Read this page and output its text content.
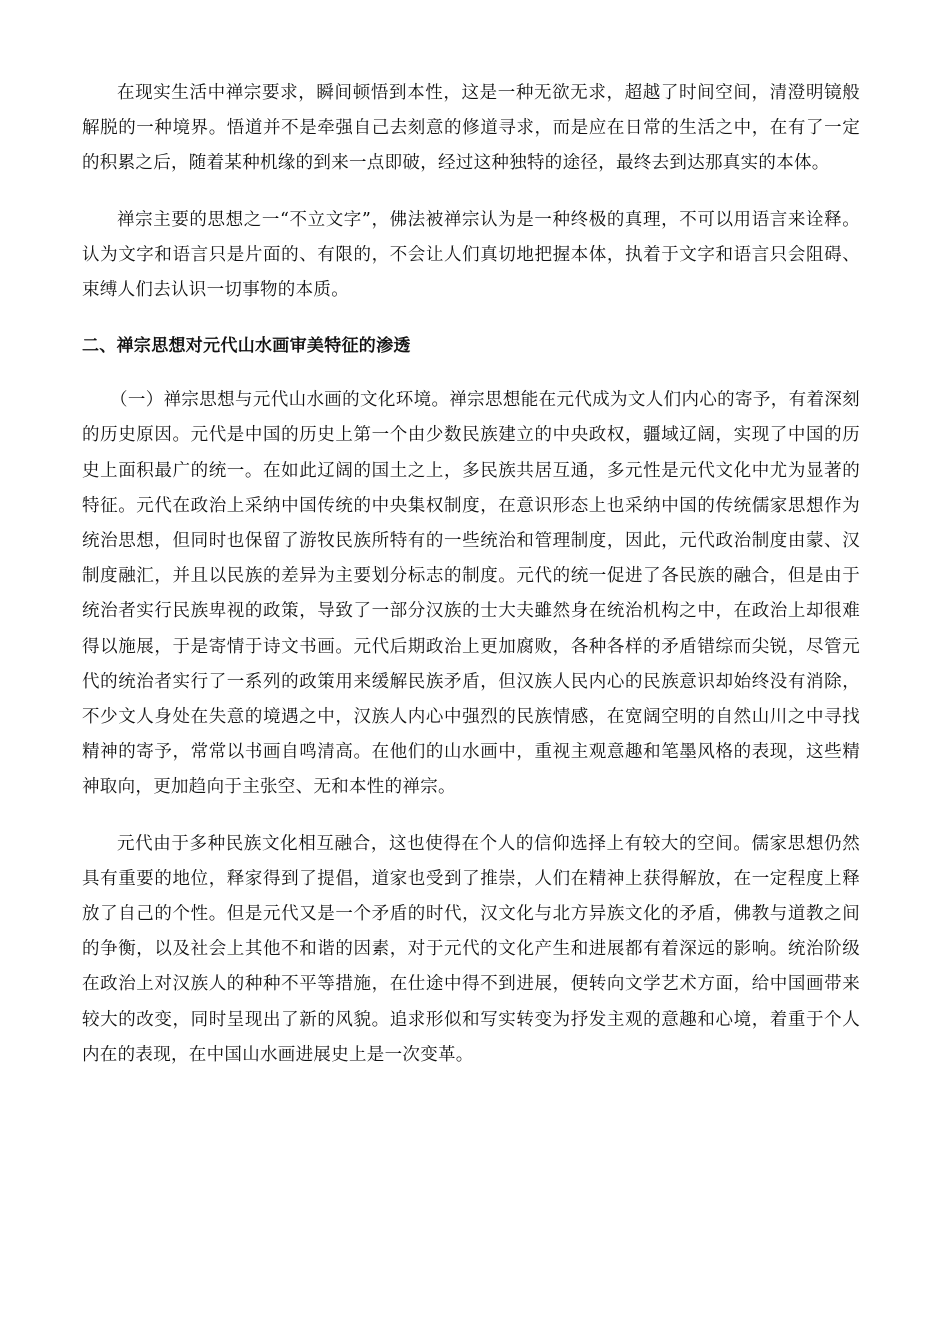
在现实生活中禅宗要求，瞬间顿悟到本性，这是一种无欲无求，超越了时间空间，清澄明镜般解脱的一种境界。悟道并不是牵强自己去刻意的修道寻求，而是应在日常的生活之中，在有了一定的积累之后，随着某种机缘的到来一点即破，经过这种独特的途径，最终去到达那真实的本体。

禅宗主要的思想之一“不立文字”，佛法被禅宗认为是一种终极的真理，不可以用语言来诠释。认为文字和语言只是片面的、有限的，不会让人们真切地把握本体，执着于文字和语言只会阻碍、束缚人们去认识一切事物的本质。

二、禅宗思想对元代山水画审美特征的渗透

（一）禅宗思想与元代山水画的文化环境。禅宗思想能在元代成为文人们内心的寄予，有着深刻的历史原因。元代是中国的历史上第一个由少数民族建立的中央政权，疆域辽阔，实现了中国的历史上面积最广的统一。在如此辽阔的国土之上，多民族共居互通，多元性是元代文化中尤为显著的特征。元代在政治上采纳中国传统的中央集权制度，在意识形态上也采纳中国的传统儒家思想作为统治思想，但同时也保留了游牧民族所特有的一些统治和管理制度，因此，元代政治制度由蒙、汉制度融汇，并且以民族的差异为主要划分标志的制度。元代的统一促进了各民族的融合，但是由于统治者实行民族卑视的政策，导致了一部分汉族的士大夫雖然身在统治机构之中，在政治上却很难得以施展，于是寄情于诗文书画。元代后期政治上更加腐败，各种各样的矛盾错综而尖锐，尽管元代的统治者实行了一系列的政策用来缓解民族矛盾，但汉族人民内心的民族意识却始终没有消除，不少文人身处在失意的境遇之中，汉族人内心中强烈的民族情感，在宽阔空明的自然山川之中寻找精神的寄予，常常以书画自鸣清高。在他们的山水画中，重视主观意趣和笔墨风格的表现，这些精神取向，更加趋向于主张空、无和本性的禅宗。

元代由于多种民族文化相互融合，这也使得在个人的信仰选择上有较大的空间。儒家思想仍然具有重要的地位，释家得到了提倡，道家也受到了推崇，人们在精神上获得解放，在一定程度上释放了自己的个性。但是元代又是一个矛盾的时代，汉文化与北方异族文化的矛盾，佛教与道教之间的争衡，以及社会上其他不和谐的因素，对于元代的文化产生和进展都有着深远的影响。统治阶级在政治上对汉族人的种种不平等措施，在仕途中得不到进展，便转向文学艺术方面，给中国画带来较大的改变，同时呈现出了新的风貌。追求形似和写实转变为抒发主观的意趣和心境，着重于个人内在的表现，在中国山水画进展史上是一次变革。
